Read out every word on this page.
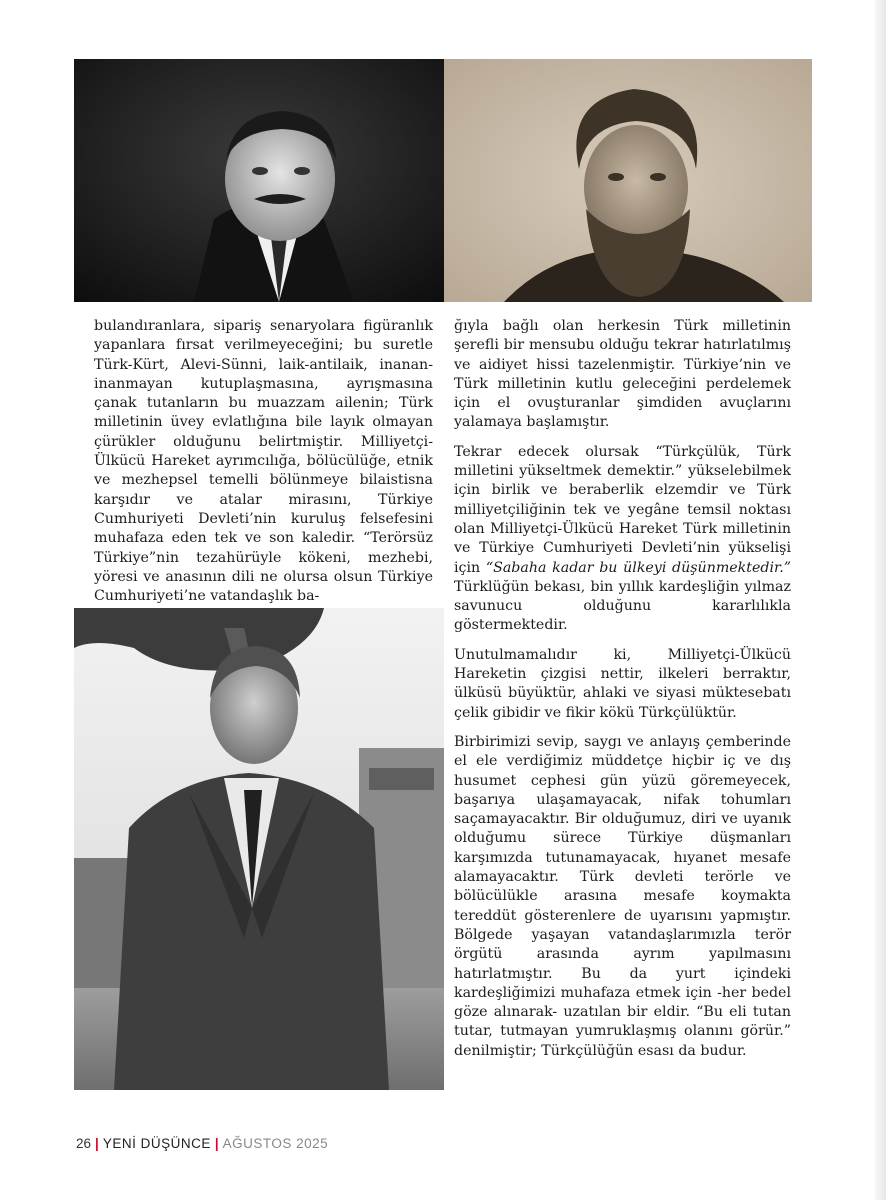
bulandıranlara, sipariş senaryolara figüranlık yapanlara fırsat verilmeyeceğini; bu suretle Türk-Kürt, Alevi-Sünni, laik-antilaik, inanan-inanmayan kutuplaşmasına, ayrışmasına çanak tutanların bu muazzam ailenin; Türk milletinin üvey evlatlığına bile layık olmayan çürükler olduğunu belirtmiştir. Milliyetçi-Ülkücü Hareket ayrımcılığa, bölücülüğe, etnik ve mezhepsel temelli bölünmeye bilaistisna karşıdır ve atalar mirasını, Türkiye Cumhuriyeti Devleti’nin kuruluş felsefesini muhafaza eden tek ve son kaledir. “Terörsüz Türkiye”nin tezahürüyle kökeni, mezhebi, yöresi ve anasının dili ne olursa olsun Türkiye Cumhuriyeti’ne vatandaşlık ba-

ğıyla bağlı olan herkesin Türk milletinin şerefli bir mensubu olduğu tekrar hatırlatılmış ve aidiyet hissi tazelenmiştir. Türkiye’nin ve Türk milletinin kutlu geleceğini perdelemek için el ovuşturanlar şimdiden avuçlarını yalamaya başlamıştır.

Tekrar edecek olursak “Türkçülük, Türk milletini yükseltmek demektir.” yükselebilmek için birlik ve beraberlik elzemdir ve Türk milliyetçiliğinin tek ve yegâne temsil noktası olan Milliyetçi-Ülkücü Hareket Türk milletinin ve Türkiye Cumhuriyeti Devleti’nin yükselişi için “Sabaha kadar bu ülkeyi düşünmektedir.” Türklüğün bekası, bin yıllık kardeşliğin yılmaz savunucu olduğunu kararlılıkla göstermektedir.

Unutulmamalıdır ki, Milliyetçi-Ülkücü Hareketin çizgisi nettir, ilkeleri berraktır, ülküsü büyüktür, ahlaki ve siyasi müktesebatı çelik gibidir ve fikir kökü Türkçülüktür.

Birbirimizi sevip, saygı ve anlayış çemberinde el ele verdiğimiz müddetçe hiçbir iç ve dış husumet cephesi gün yüzü göremeyecek, başarıya ulaşamayacak, nifak tohumları saçamayacaktır. Bir olduğumuz, diri ve uyanık olduğumu sürece Türkiye düşmanları karşımızda tutunamayacak, hıyanet mesafe alamayacaktır. Türk devleti terörle ve bölücülükle arasına mesafe koymakta tereddüt gösterenlere de uyarısını yapmıştır. Bölgede yaşayan vatandaşlarımızla terör örgütü arasında ayrım yapılmasını hatırlatmıştır. Bu da yurt içindeki kardeşliğimizi muhafaza etmek için -her bedel göze alınarak- uzatılan bir eldir. “Bu eli tutan tutar, tutmayan yumruklaşmış olanını görür.” denilmiştir; Türkçülüğün esası da budur.

26 | YENİ DÜŞÜNCE | AĞUSTOS 2025
